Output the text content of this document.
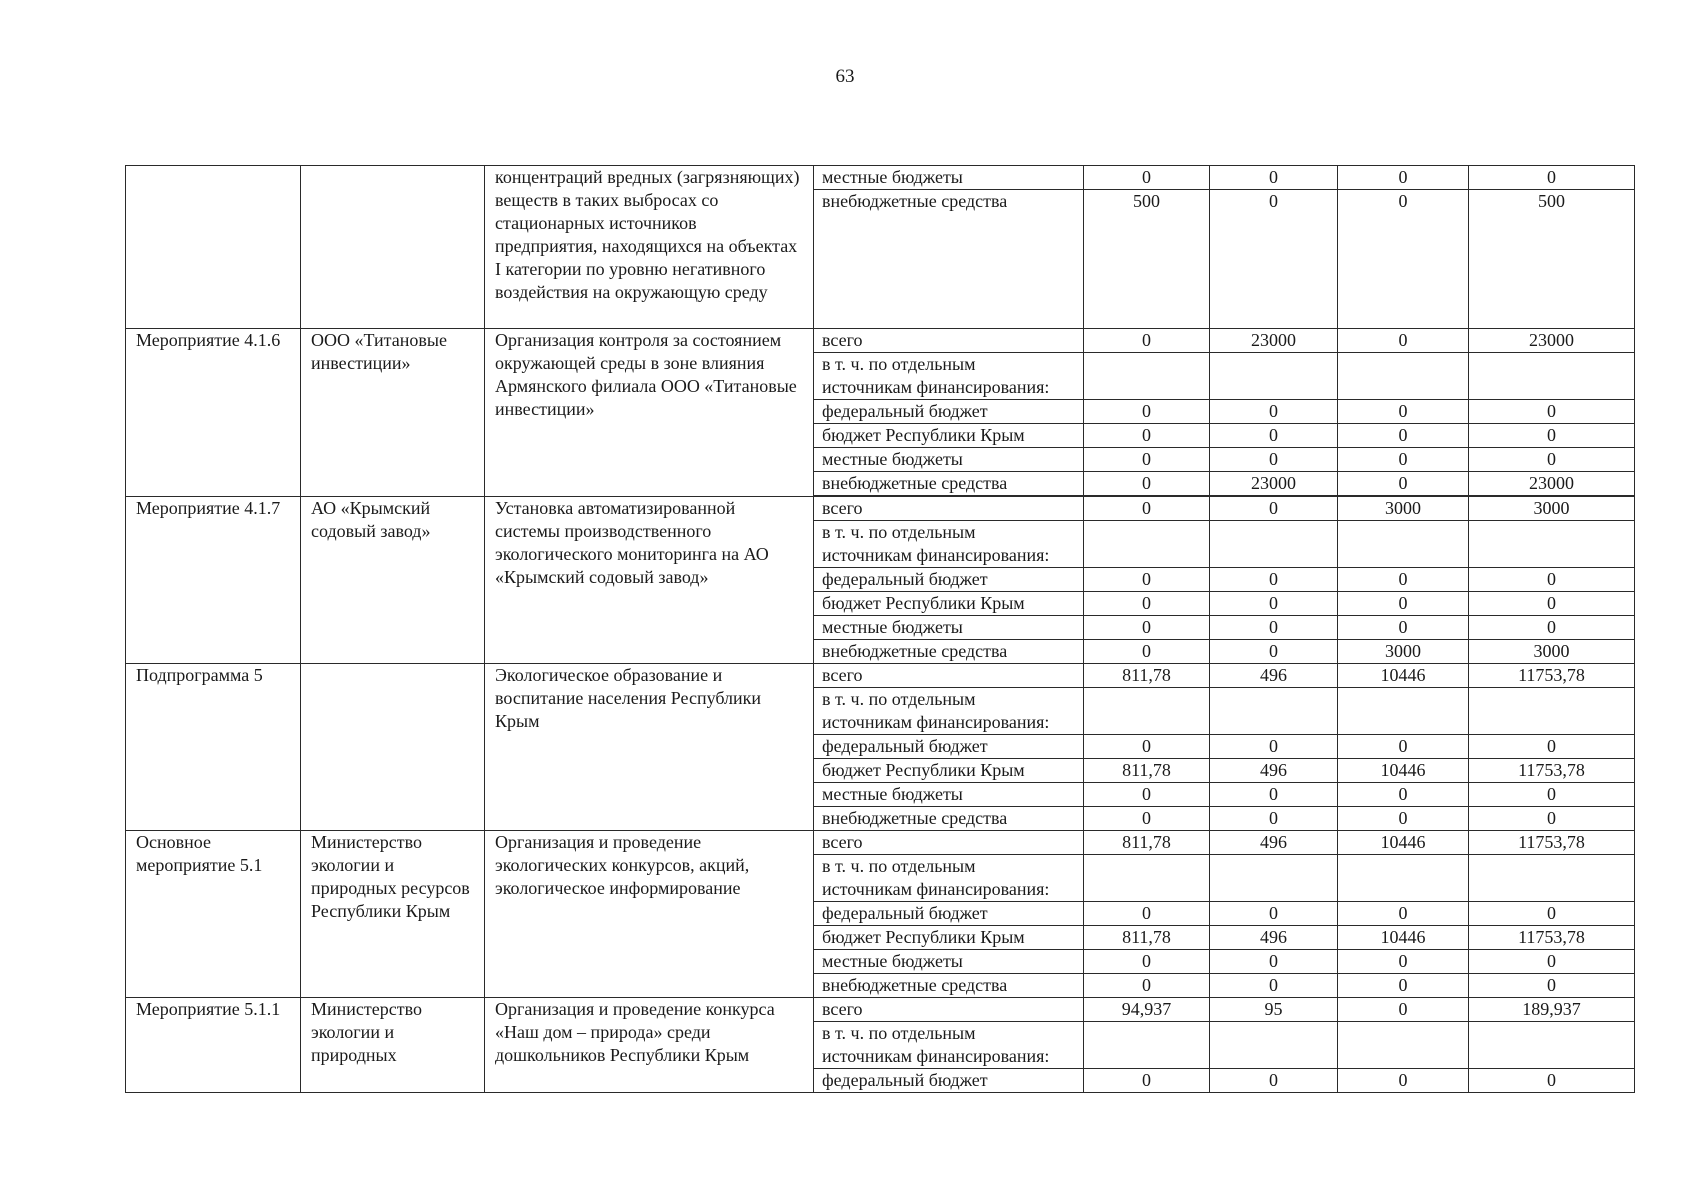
63
		концентраций вредных (загрязняющих) веществ в таких выбросах со стационарных источников предприятия, находящихся на объектах I категории по уровню негативного воздействия на окружающую среду	местные бюджеты	0	0	0	0
			внебюджетные средства	500	0	0	500
Мероприятие 4.1.6	ООО «Титановые инвестиции»	Организация контроля за состоянием окружающей среды в зоне влияния Армянского филиала ООО «Титановые инвестиции»	всего	0	23000	0	23000
			в т. ч. по отдельным
источникам финансирования:				
			федеральный бюджет	0	0	0	0
			бюджет Республики Крым	0	0	0	0
			местные бюджеты	0	0	0	0
			внебюджетные средства	0	23000	0	23000

Мероприятие 4.1.7	АО «Крымский содовый завод»	Установка автоматизированной системы производственного экологического мониторинга на АО «Крымский содовый завод»	всего	0	0	3000	3000
			в т. ч. по отдельным
источникам финансирования:				
			федеральный бюджет	0	0	0	0
			бюджет Республики Крым	0	0	0	0
			местные бюджеты	0	0	0	0
			внебюджетные средства	0	0	3000	3000
Подпрограмма 5		Экологическое образование и воспитание населения Республики Крым	всего	811,78	496	10446	11753,78
			в т. ч. по отдельным
источникам финансирования:				
			федеральный бюджет	0	0	0	0
			бюджет Республики Крым	811,78	496	10446	11753,78
			местные бюджеты	0	0	0	0
			внебюджетные средства	0	0	0	0
Основное мероприятие 5.1	Министерство экологии и природных ресурсов Республики Крым	Организация и проведение экологических конкурсов, акций, экологическое информирование	всего	811,78	496	10446	11753,78
			в т. ч. по отдельным
источникам финансирования:				
			федеральный бюджет	0	0	0	0
			бюджет Республики Крым	811,78	496	10446	11753,78
			местные бюджеты	0	0	0	0
			внебюджетные средства	0	0	0	0
Мероприятие 5.1.1	Министерство экологии и природных	Организация и проведение конкурса «Наш дом – природа» среди дошкольников Республики Крым	всего	94,937	95	0	189,937
			в т. ч. по отдельным
источникам финансирования:				
			федеральный бюджет	0	0	0	0
